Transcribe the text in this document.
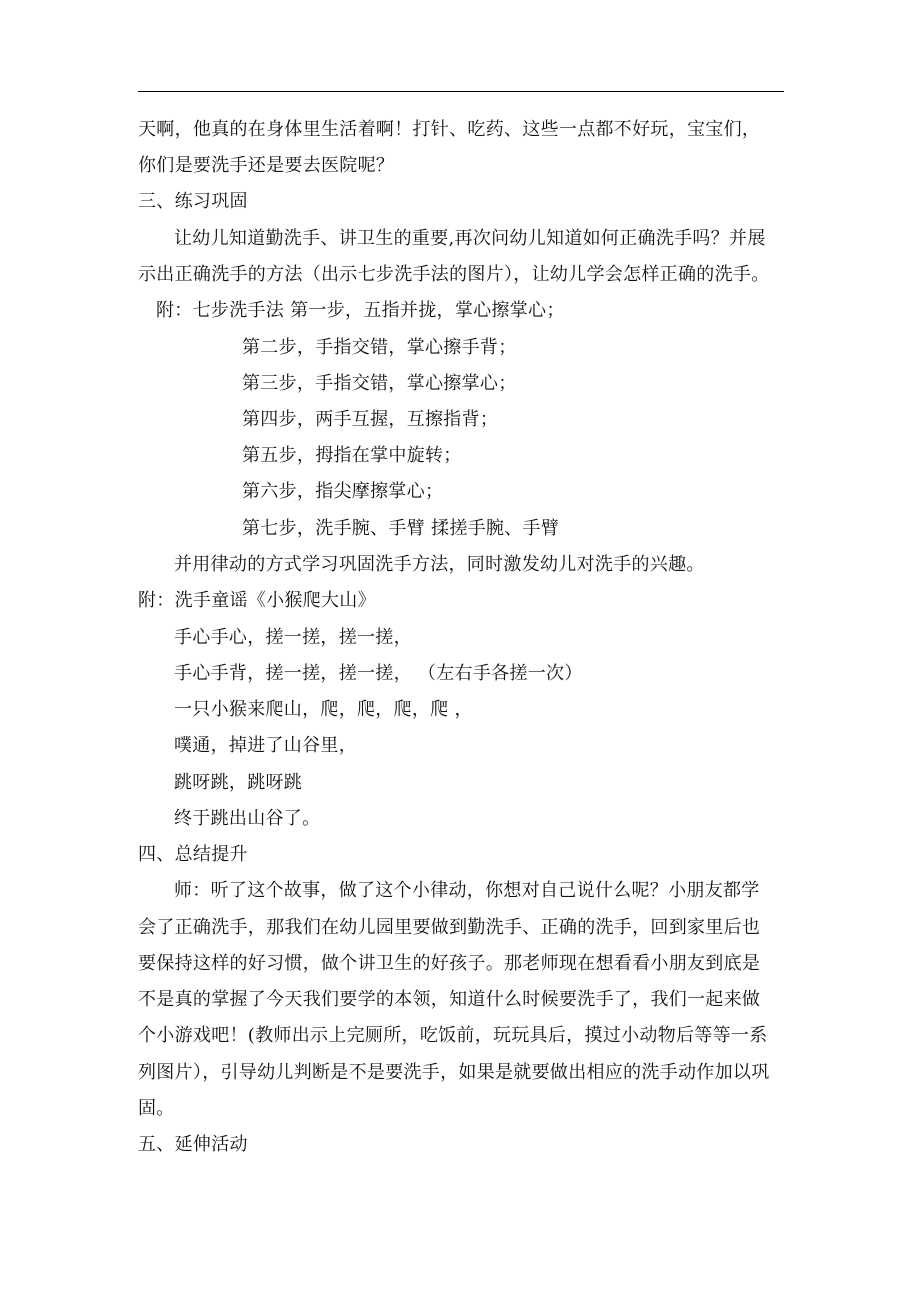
天啊，他真的在身体里生活着啊！打针、吃药、这些一点都不好玩，宝宝们，
你们是要洗手还是要去医院呢？
三、练习巩固
让幼儿知道勤洗手、讲卫生的重要,再次问幼儿知道如何正确洗手吗？并展
示出正确洗手的方法（出示七步洗手法的图片），让幼儿学会怎样正确的洗手。
附：七步洗手法 第一步，五指并拢，掌心擦掌心；
第二步，手指交错，掌心擦手背；
第三步，手指交错，掌心擦掌心；
第四步，两手互握，互擦指背；
第五步，拇指在掌中旋转；
第六步，指尖摩擦掌心；
第七步，洗手腕、手臂 揉搓手腕、手臂
并用律动的方式学习巩固洗手方法，同时激发幼儿对洗手的兴趣。
附：洗手童谣《小猴爬大山》
手心手心，搓一搓，搓一搓，
手心手背，搓一搓，搓一搓， （左右手各搓一次）
一只小猴来爬山，爬，爬，爬，爬 ，
噗通，掉进了山谷里，
跳呀跳，跳呀跳
终于跳出山谷了。
四、总结提升
师：听了这个故事，做了这个小律动，你想对自己说什么呢？小朋友都学
会了正确洗手，那我们在幼儿园里要做到勤洗手、正确的洗手，回到家里后也
要保持这样的好习惯，做个讲卫生的好孩子。那老师现在想看看小朋友到底是
不是真的掌握了今天我们要学的本领，知道什么时候要洗手了，我们一起来做
个小游戏吧！(教师出示上完厕所，吃饭前，玩玩具后，摸过小动物后等等一系
列图片），引导幼儿判断是不是要洗手，如果是就要做出相应的洗手动作加以巩
固。
五、延伸活动
